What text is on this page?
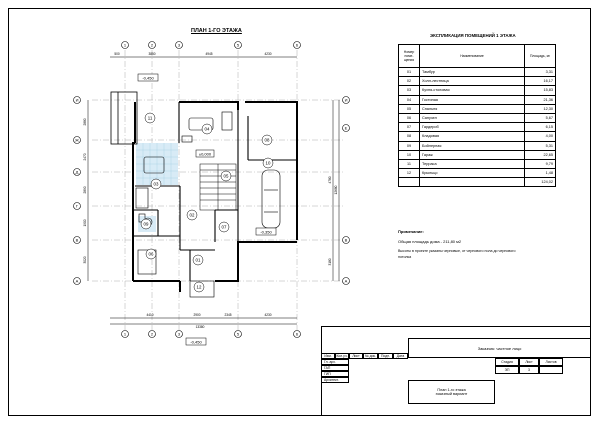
ПЛАН 1-ГО ЭТАЖА
1	2	3	5	6
1	2	3	5	6
И
Ж
Д
Г
В
А
И
Е
В
А
500	3850	4945	4230
4410	2900	2345	4230
13380
2880
2470
2890
1900
3020
4780
3180
12680
-0,450
±0,000
-0,350
-0,450
11
04
08
10
03
05
02
06
07
09
01
12
ЭКСПЛИКАЦИЯ ПОМЕЩЕНИЙ 1 ЭТАЖА
Номер поме- щения	Наименование	Площадь, м²
01	Тамбур	3,31
02	Холл-лестница	16,17
03	Кухня-столовая	15,83
04	Гостиная	21,36
05	Спальня	12,30
06	Санузел	5,67
07	Гардероб	6,15
08	Кладовая	4,00
09	Бойлерная	5,31
10	Гараж	22,65
11	Терраса	9,79
12	Крыльцо	1,48
		124,02
Примечание:
Общая площадь дома - 211,80 м2
Высоты в проекте указаны черновые, от чернового пола до чернового
потолка
Заказчик: частное лицо
Изм.	Кол.уч.	Лист	№ док.	Подп.	Дата
Гл. арх.
ГАП
ГИП
Архитект.
План 1-го этажа
эскизный вариант
Стадия	Лист	Листов
ЭП	3
